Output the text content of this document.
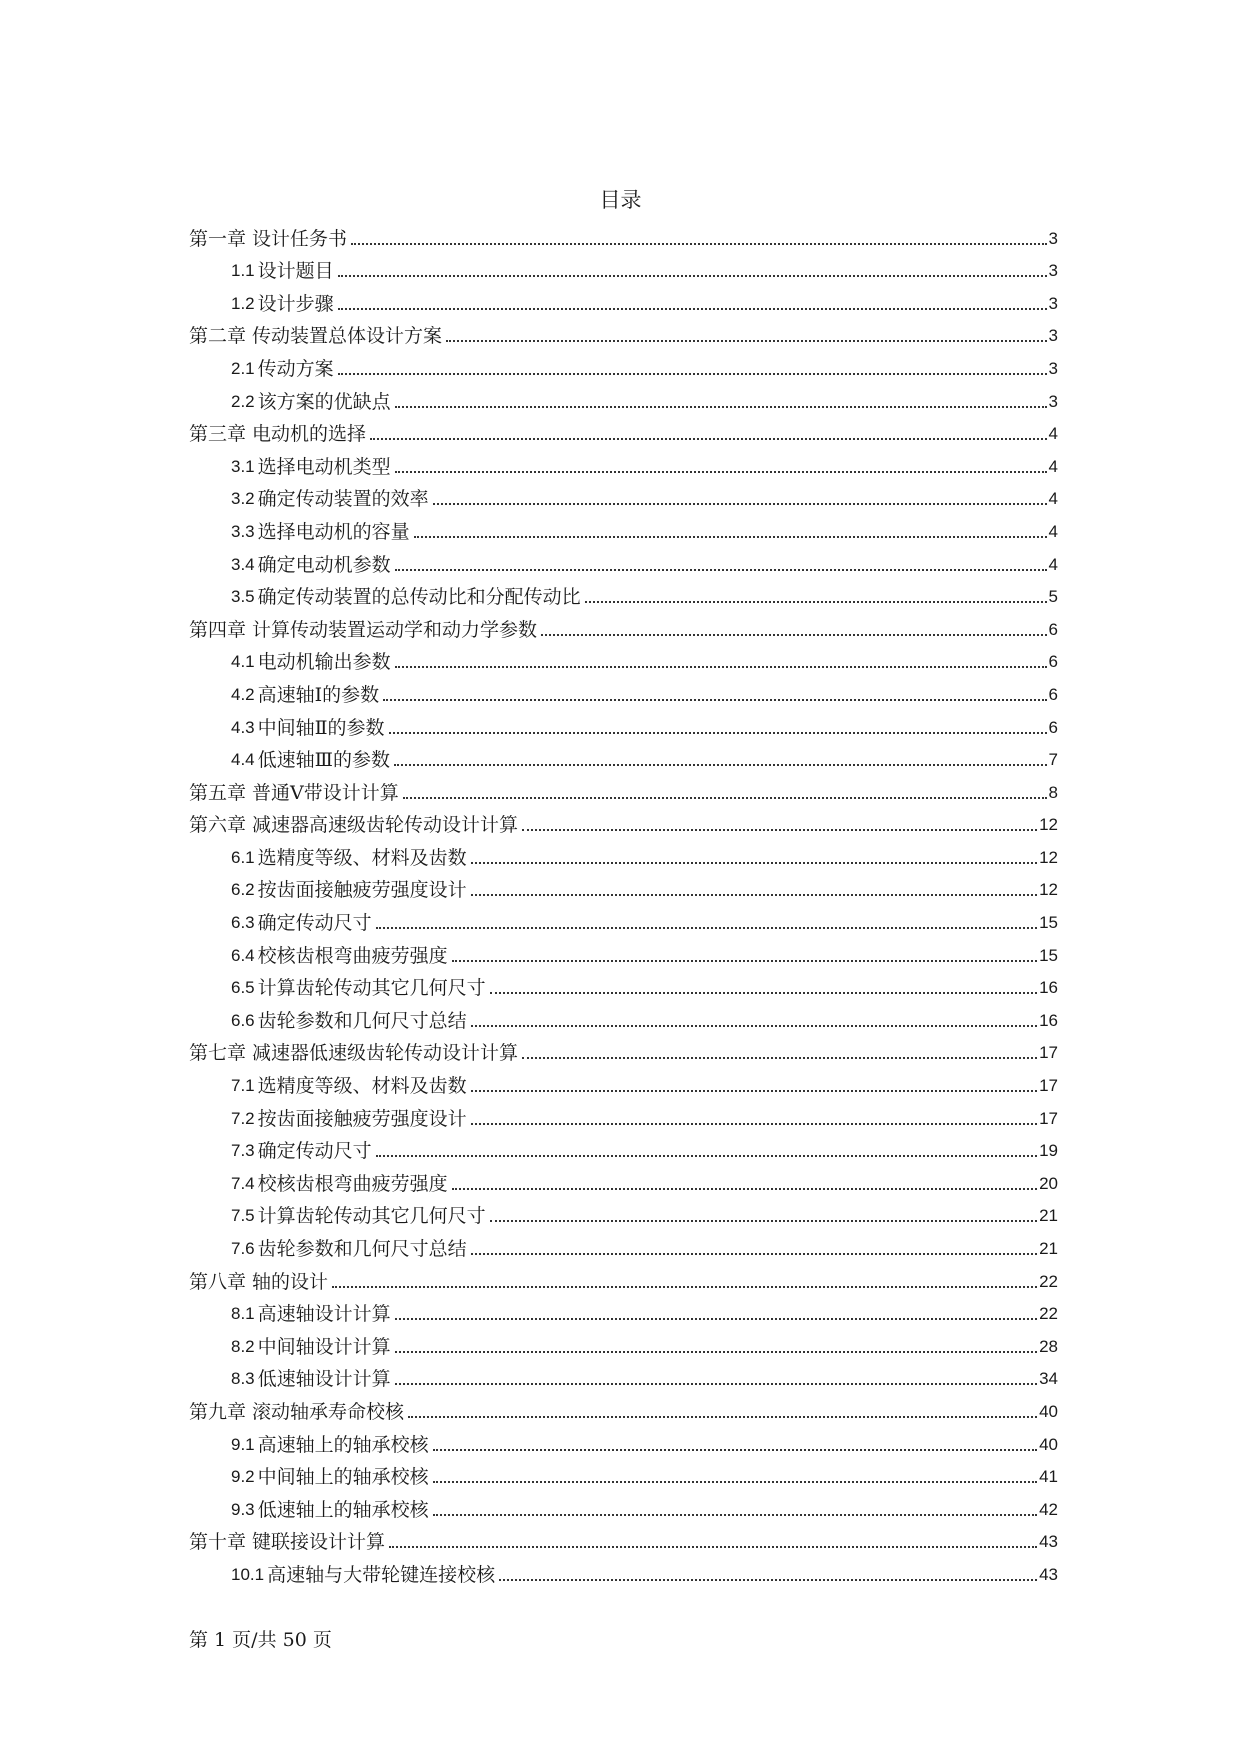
目录
第一章 设计任务书	3
1.1 设计题目	3
1.2 设计步骤	3
第二章 传动装置总体设计方案	3
2.1 传动方案	3
2.2 该方案的优缺点	3
第三章 电动机的选择	4
3.1 选择电动机类型	4
3.2 确定传动装置的效率	4
3.3 选择电动机的容量	4
3.4 确定电动机参数	4
3.5 确定传动装置的总传动比和分配传动比	5
第四章 计算传动装置运动学和动力学参数	6
4.1 电动机输出参数	6
4.2 高速轴Ⅰ的参数	6
4.3 中间轴Ⅱ的参数	6
4.4 低速轴Ⅲ的参数	7
第五章 普通V带设计计算	8
第六章 减速器高速级齿轮传动设计计算	12
6.1 选精度等级、材料及齿数	12
6.2 按齿面接触疲劳强度设计	12
6.3 确定传动尺寸	15
6.4 校核齿根弯曲疲劳强度	15
6.5 计算齿轮传动其它几何尺寸	16
6.6 齿轮参数和几何尺寸总结	16
第七章 减速器低速级齿轮传动设计计算	17
7.1 选精度等级、材料及齿数	17
7.2 按齿面接触疲劳强度设计	17
7.3 确定传动尺寸	19
7.4 校核齿根弯曲疲劳强度	20
7.5 计算齿轮传动其它几何尺寸	21
7.6 齿轮参数和几何尺寸总结	21
第八章 轴的设计	22
8.1 高速轴设计计算	22
8.2 中间轴设计计算	28
8.3 低速轴设计计算	34
第九章 滚动轴承寿命校核	40
9.1 高速轴上的轴承校核	40
9.2 中间轴上的轴承校核	41
9.3 低速轴上的轴承校核	42
第十章 键联接设计计算	43
10.1 高速轴与大带轮键连接校核	43
第 1 页/共 50 页
